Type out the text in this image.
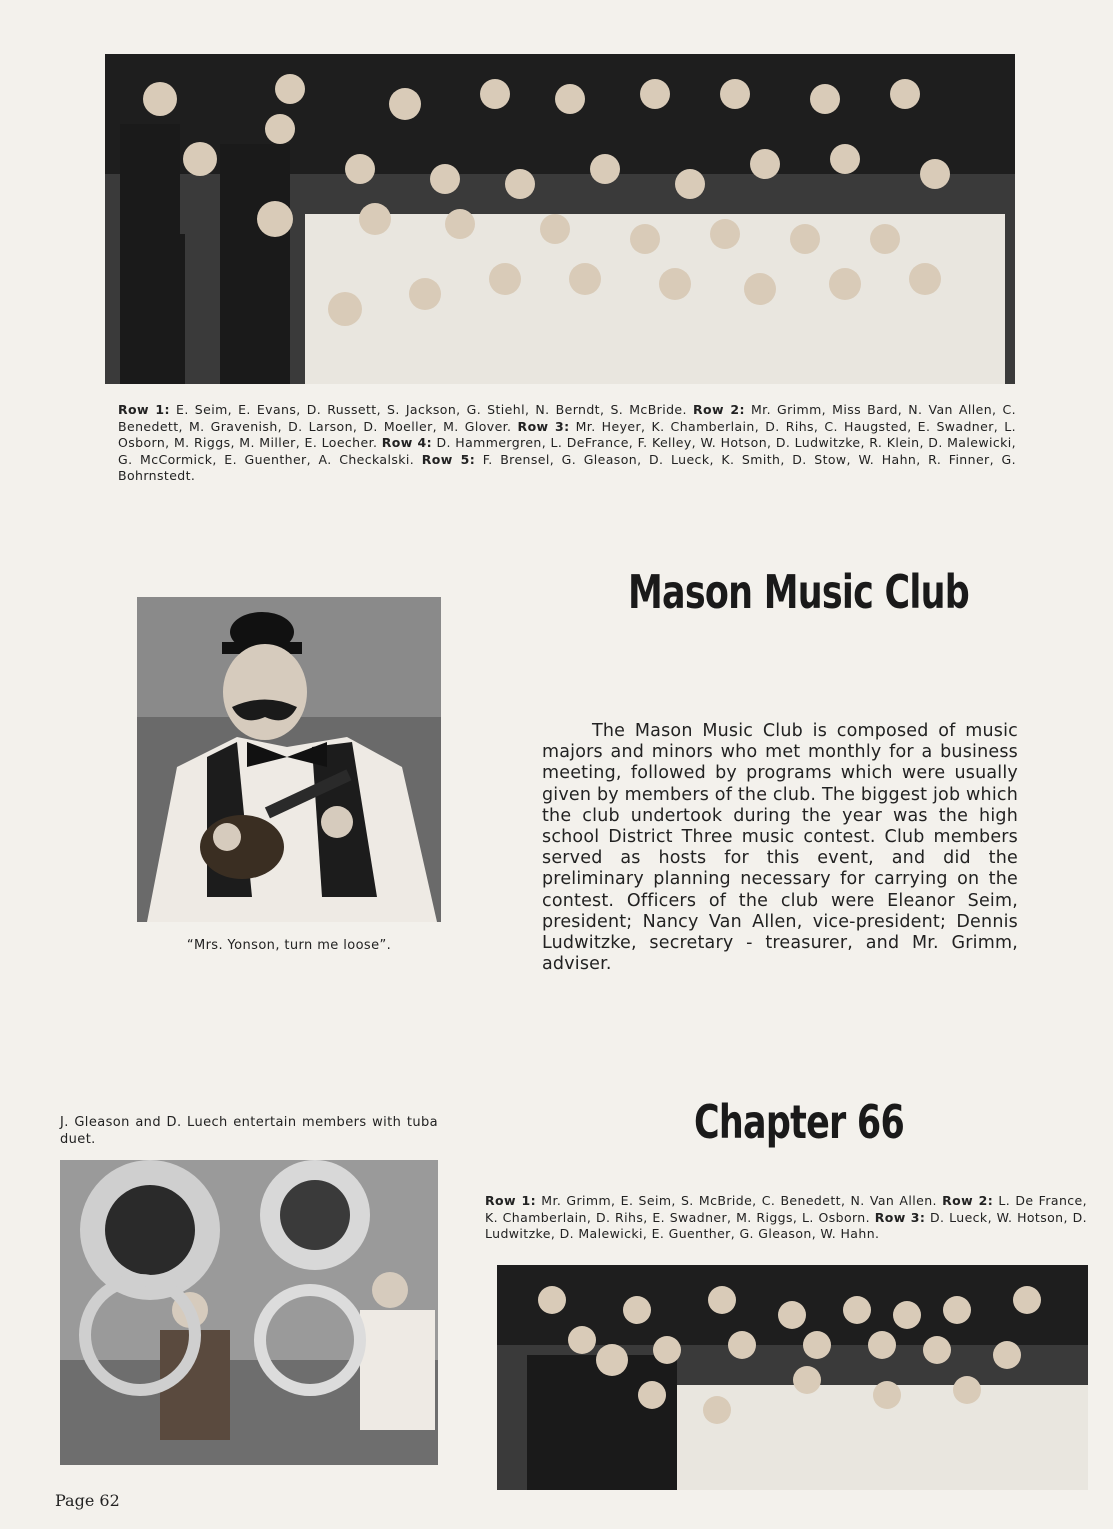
Row 1: E. Seim, E. Evans, D. Russett, S. Jackson, G. Stiehl, N. Berndt, S. McBride. Row 2: Mr. Grimm, Miss Bard, N. Van Allen, C. Benedett, M. Gravenish, D. Larson, D. Moeller, M. Glover. Row 3: Mr. Heyer, K. Chamberlain, D. Rihs, C. Haugsted, E. Swadner, L. Osborn, M. Riggs, M. Miller, E. Loecher. Row 4: D. Hammergren, L. DeFrance, F. Kelley, W. Hotson, D. Ludwitzke, R. Klein, D. Malewicki, G. McCormick, E. Guenther, A. Checkalski. Row 5: F. Brensel, G. Gleason, D. Lueck, K. Smith, D. Stow, W. Hahn, R. Finner, G. Bohrnstedt.
Mason Music Club
“Mrs. Yonson, turn me loose”.
The Mason Music Club is composed of music majors and minors who met monthly for a business meeting, followed by programs which were usually given by members of the club. The biggest job which the club undertook during the year was the high school District Three music contest. Club members served as hosts for this event, and did the preliminary planning necessary for carrying on the contest. Officers of the club were Eleanor Seim, president; Nancy Van Allen, vice-president; Dennis Ludwitzke, secretary - treasurer, and Mr. Grimm, adviser.
J. Gleason and D. Luech entertain members with tuba duet.	Chapter 66
Row 1: Mr. Grimm, E. Seim, S. McBride, C. Benedett, N. Van Allen. Row 2: L. De France, K. Chamberlain, D. Rihs, E. Swadner, M. Riggs, L. Osborn. Row 3: D. Lueck, W. Hotson, D. Ludwitzke, D. Malewicki, E. Guenther, G. Gleason, W. Hahn.
Page 62
